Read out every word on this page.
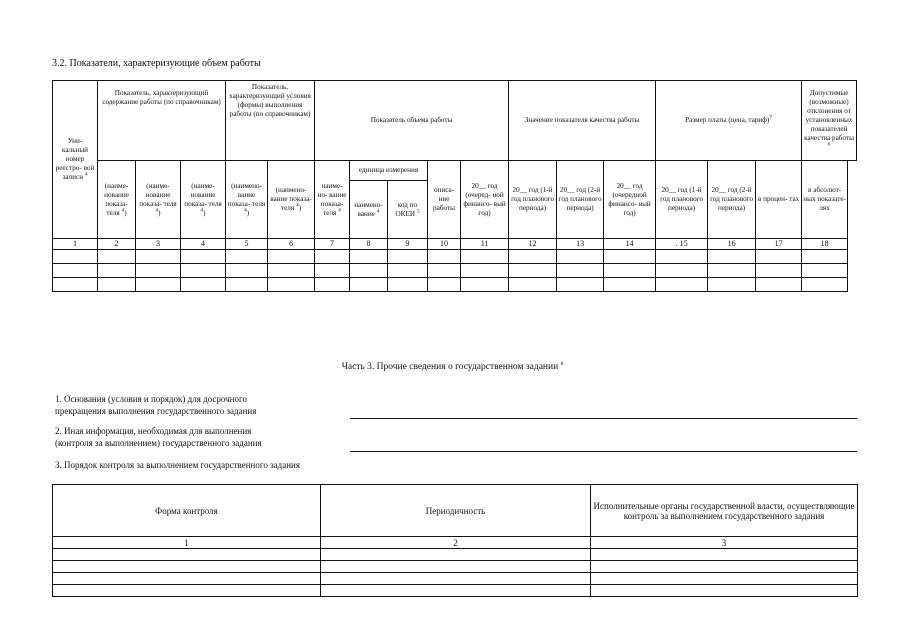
3.2. Показатели, характеризующие объем работы
Уни- кальный номер реестро- вой записи $^4$	Показатель, характеризующий содержание работы (по справочникам)			Показатель, характеризующий условия (формы) выполнения работы (по справочникам)		Показатель объема работы					Значение показателя качества работы			Размер платы (цена, тариф)$^7$			Допустимые (возможные) отклонения от установленных показателей качества работы $^6$
	(наиме- нование показа- теля $^4$)	(наиме- нование показа- теля $^4$)	(наиме- нование показа- теля $^4$)	(наимено- вание показа- теля $^4$)	(наимено- вание показа- теля $^4$)	наиме- но- вание показа- теля $^4$	единица измерения		описа- ние работы	20__ год (очеред- ной финансо- вый год)	20__ год (1-й год планового периода)	20__ год (2-й год планового периода)	20__ год (очередной финансо- вый год)	20__ год (1-й год планового периода)	20__ год (2-й год планового периода)	в процен- тах	в абсолют- ных показате- лях
							наимено- вание $^4$	код по ОКЕИ $^5$
1	2	3	4	5	6	7	8	9	10	11	12	13	14	. 15	16	17	18

Часть 3. Прочие сведения о государственном задании $^8$
1. Основания (условия и порядок) для досрочного
прекращения выполнения государственного задания
2. Иная информация, необходимая для выполнения
(контроля за выполнением) государственного задания
3. Порядок контроля за выполнением государственного задания
Форма контроля	Периодичность	Исполнительные органы государственной власти, осуществляющие контроль за выполнением государственного задания
1	2	3
